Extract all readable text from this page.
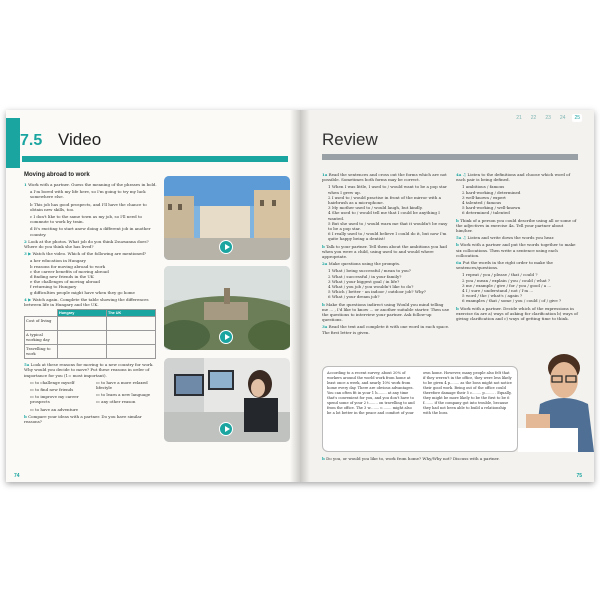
7.5 Video
Moving abroad to work

1 Work with a partner. Guess the meaning of the phrases in bold.

a I'm bored with my life here, so I'm going to try my luck somewhere else.

b This job has good prospects, and I'll have the chance to obtain new skills, too.

c I don't like to the same town as my job, so I'll need to commute to work by train.

d It's exciting to start anew doing a different job in another country.

2 Look at the photos. What job do you think Zsuzsanna does? Where do you think she has lived?

3 ▶ Watch the video. Which of the following are mentioned?

a her education in Hungary

b reasons for moving abroad to work

c the career benefits of moving abroad

d finding new friends in the UK

e the challenges of moving abroad

f returning to Hungary

g difficulties people might have when they go home

4 ▶ Watch again. Complete the table showing the differences between life in Hungary and the UK.

	Hungary	The UK
Cost of living		
A typical working day		
Travelling to work		

5a Look at these reasons for moving to a new country for work. Why would you decide to move? Put these reasons in order of importance for you (1= most important).

▭ to challenge myself

▭ to find new friends

▭ to improve my career prospects

▭ to have an adventure

▭ to have a more relaxed lifestyle

▭ to learn a new language

▭ any other reason

b Compare your ideas with a partner. Do you have similar reasons?

74
21	22	23	24	25
Review

1a Read the sentences and cross out the forms which are not possible. Sometimes both forms may be correct.

1 When I was little, I used to / would want to be a pop star when I grew up.

2 I used to / would practise in front of the mirror with a hairbrush as a microphone.

3 My mother used to / would laugh, but kindly.

4 She used to / would tell me that I could be anything I wanted.

5 But she used to / would warn me that it wouldn't be easy to be a pop star.

6 I really used to / would believe I could do it, but now I'm quite happy being a dentist!

b Talk to your partner. Tell them about the ambitions you had when you were a child, using used to and would where appropriate.

2a Make questions using the prompts.

1 What / being successful / mean to you?

2 What / successful / in your family?

3 What / your biggest goal / in life?

4 What / you job / you wouldn't like to do?

5 Which / better - an indoor / outdoor job? Why?

6 What / your dream job?

b Make the questions indirect using Would you mind telling me ... , I'd like to know ... or another suitable starter. Then use the questions to interview your partner. Ask follow-up questions.

3a Read the text and complete it with one word in each space. The first letter is given.

4a ♫ Listen to the definitions and choose which word of each pair is being defined.

1 ambitious / famous

2 hard-working / determined

3 well-known / expert

4 talented / famous

5 hard-working / well-known

6 determined / talented

b Think of a person you could describe using all or some of the adjectives in exercise 4a. Tell your partner about him/her.

5a ♫ Listen and write down the words you hear.

b Work with a partner and put the words together to make six collocations. Then write a sentence using each collocation.

6a Put the words in the right order to make the sentences/questions.

1 repeat / you / please / that / could ?

2 you / mean / explain / you / could / what ?

3 me / example / give / for / you / good / a ...

4 I / sure / understand / not / I'm ...

5 word / the / what's / again ?

6 examples / that / some / you / could / of / give ?

b Work with a partner. Decide which of the expressions in exercise 6a are a) ways of asking for clarification b) ways of giving clarification and c) ways of getting time to think.

According to a recent survey, about 20% of workers around the world work from home at least once a week, and nearly 10% work from home every day. There are obvious advantages. You can often fit in your 1 h........ at any time that's convenient for you, and you don't have to spend some of your 2 t........ on travelling to and from the office. The 3 w........ c........ might also be a lot better in the peace and comfort of your own home. However, many people also felt that if they weren't in the office, they were less likely to be given 4 p........ as the boss might not notice their good work. Being out of the office could therefore damage their 5 c........ p........ . Equally, they might be more likely to be the first to be 6 f........ if the company got into trouble, because they had not been able to build a relationship with the boss.

b Do you, or would you like to, work from home? Why/Why not? Discuss with a partner.

75
